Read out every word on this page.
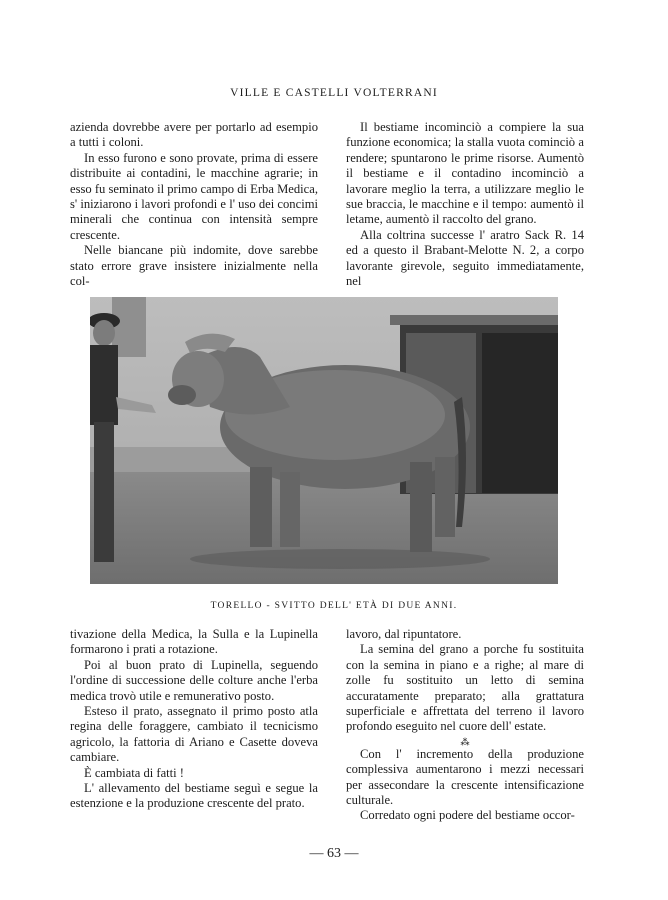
VILLE E CASTELLI VOLTERRANI

azienda dovrebbe avere per portarlo ad esempio a tutti i coloni.

In esso furono e sono provate, prima di essere distribuite ai contadini, le macchine agrarie; in esso fu seminato il primo campo di Erba Medica, s' iniziarono i lavori profondi e l' uso dei concimi minerali che continua con intensità sempre crescente.

Nelle biancane più indomite, dove sarebbe stato errore grave insistere inizialmente nella col-

Il bestiame incominciò a compiere la sua funzione economica; la stalla vuota cominciò a rendere; spuntarono le prime risorse. Aumentò il bestiame e il contadino incominciò a lavorare meglio la terra, a utilizzare meglio le sue braccia, le macchine e il tempo: aumentò il letame, aumentò il raccolto del grano.

Alla coltrina successe l' aratro Sack R. 14 ed a questo il Brabant-Melotte N. 2, a corpo lavorante girevole, seguito immediatamente, nel

TORELLO - SVITTO DELL' ETÀ DI DUE ANNI.

tivazione della Medica, la Sulla e la Lupinella formarono i prati a rotazione.

Poi al buon prato di Lupinella, seguendo l'ordine di successione delle colture anche l'erba medica trovò utile e remunerativo posto.

Esteso il prato, assegnato il primo posto atla regina delle foraggere, cambiato il tecnicismo agricolo, la fattoria di Ariano e Casette doveva cambiare.

È cambiata di fatti !

L' allevamento del bestiame seguì e segue la estenzione e la produzione crescente del prato.

lavoro, dal ripuntatore.

La semina del grano a porche fu sostituita con la semina in piano e a righe; al mare di zolle fu sostituito un letto di semina accuratamente preparato; alla grattatura superficiale e affrettata del terreno il lavoro profondo eseguito nel cuore dell' estate.

⁂

Con l' incremento della produzione complessiva aumentarono i mezzi necessari per assecondare la crescente intensificazione culturale.

Corredato ogni podere del bestiame occor-

— 63 —
